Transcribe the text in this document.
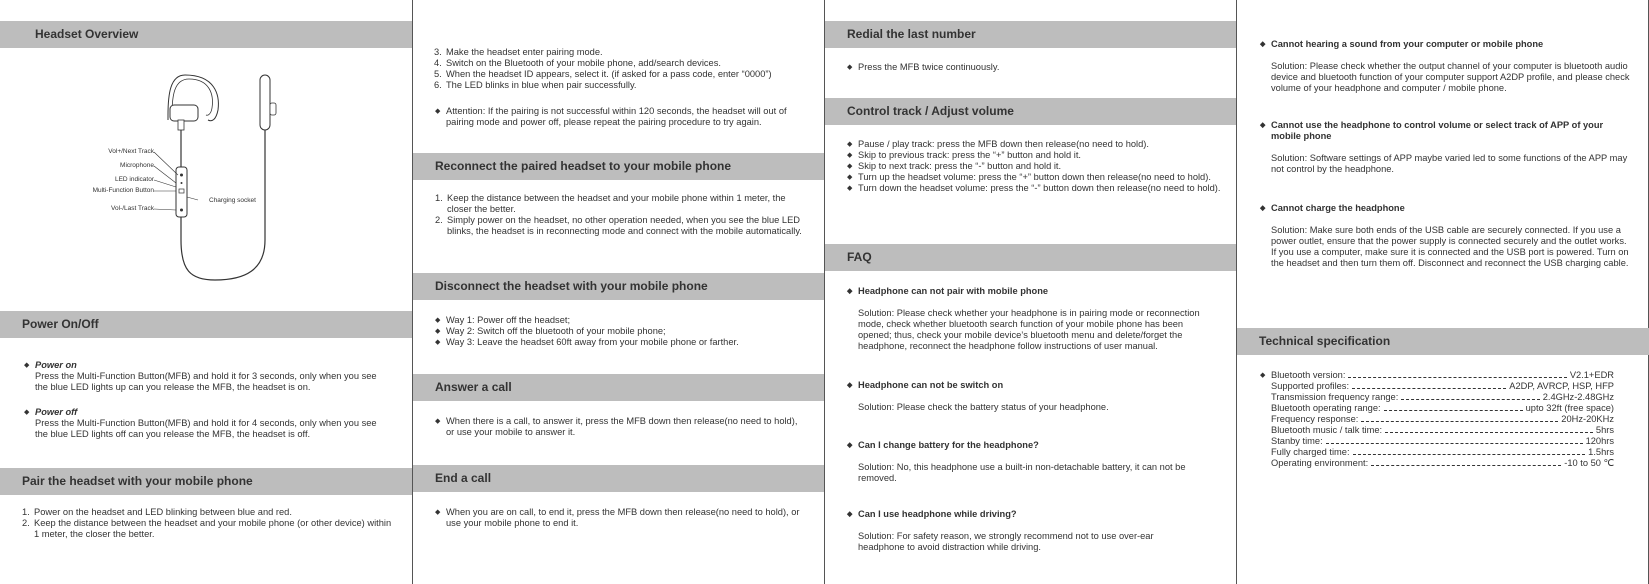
Headset Overview
Vol+/Next Track
Microphone
LED indicator
Multi-Function Button
Vol-/Last Track
Charging socket
Power On/Off

◆ Power on
Press the Multi-Function Button(MFB) and hold it for 3 seconds, only when you see the blue LED lights up can you release the MFB, the headset is on.

◆ Power off
Press the Multi-Function Button(MFB) and hold it for 4 seconds, only when you see the blue LED lights off can you release the MFB, the headset is off.

Pair the headset with your mobile phone

1. Power on the headset and LED blinking between blue and red.

2. Keep the distance between the headset and your mobile phone (or other device) within 1 meter, the closer the better.

3. Make the headset enter pairing mode.

4. Switch on the Bluetooth of your mobile phone, add/search devices.

5. When the headset ID appears, select it. (if asked for a pass code, enter “0000”)

6. The LED blinks in blue when pair successfully.

◆ Attention: If the pairing is not successful within 120 seconds, the headset will out of pairing mode and power off, please repeat the pairing procedure to try again.

Reconnect the paired headset to your mobile phone

1. Keep the distance between the headset and your mobile phone within 1 meter, the closer the better.

2. Simply power on the headset, no other operation needed, when you see the blue LED blinks, the headset is in reconnecting mode and connect with the mobile automatically.

Disconnect the headset with your mobile phone

◆ Way 1: Power off the headset;

◆ Way 2: Switch off the bluetooth of your mobile phone;

◆ Way 3: Leave the headset 60ft away from your mobile phone or farther.

Answer a call

◆ When there is a call, to answer it, press the MFB down then release(no need to hold), or use your mobile to answer it.

End a call

◆ When you are on call, to end it, press the MFB down then release(no need to hold), or use your mobile phone to end it.

Redial the last number

◆ Press the MFB twice continuously.

Control track / Adjust volume

◆ Pause / play track: press the MFB down then release(no need to hold).

◆ Skip to previous track: press the “+” button and hold it.

◆ Skip to next track: press the “-” button and hold it.

◆ Turn up the headset volume: press the “+” button down then release(no need to hold).

◆ Turn down the headset volume: press the “-” button down then release(no need to hold).

FAQ

◆ Headphone can not pair with mobile phone

Solution: Please check whether your headphone is in pairing mode or reconnection mode, check whether bluetooth search function of your mobile phone has been opened; thus, check your mobile device’s bluetooth menu and delete/forget the headphone, reconnect the headphone follow instructions of user manual.

◆ Headphone can not be switch on

Solution: Please check the battery status of your headphone.

◆ Can I change battery for the headphone?

Solution: No, this headphone use a built-in non-detachable battery, it can not be removed.

◆ Can I use headphone while driving?

Solution: For safety reason, we strongly recommend not to use over-ear headphone to avoid distraction while driving.

◆ Cannot hearing a sound from your computer or mobile phone

Solution: Please check whether the output channel of your computer is bluetooth audio device and bluetooth function of your computer support A2DP profile, and please check volume of your headphone and computer / mobile phone.

◆ Cannot use the headphone to control volume or select track of APP of your mobile phone

Solution: Software settings of APP maybe varied led to some functions of the APP may not control by the headphone.

◆ Cannot charge the headphone

Solution: Make sure both ends of the USB cable are securely connected. If you use a power outlet, ensure that the power supply is connected securely and the outlet works. If you use a computer, make sure it is connected and the USB port is powered. Turn on the headset and then turn them off. Disconnect and reconnect the USB charging cable.

Technical specification
◆ Bluetooth version:	V2.1+EDR
Supported profiles:	A2DP, AVRCP, HSP, HFP
Transmission frequency range:	2.4GHz-2.48GHz
Bluetooth operating range:	upto 32ft (free space)
Frequency response:	20Hz-20KHz
Bluetooth music / talk time:	5hrs
Stanby time:	120hrs
Fully charged time:	1.5hrs
Operating environment:	-10 to 50 ℃
